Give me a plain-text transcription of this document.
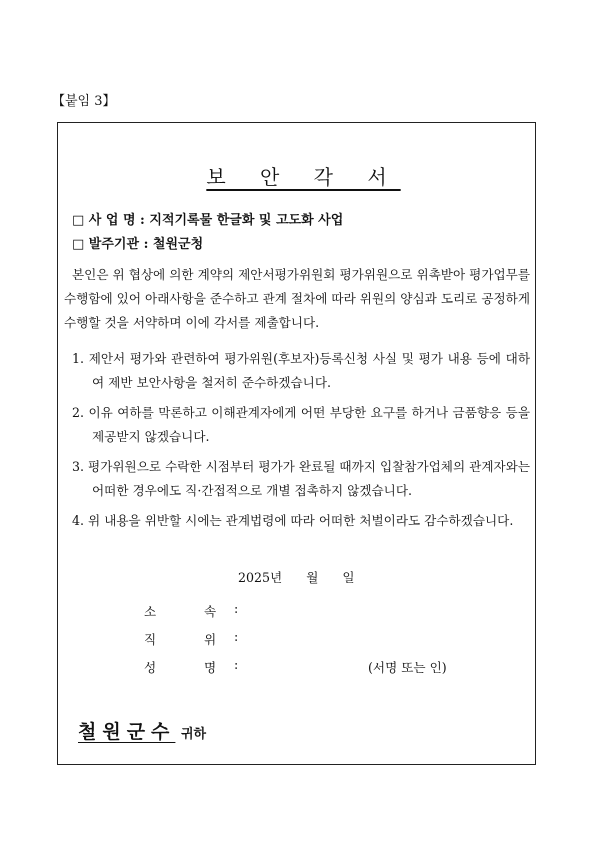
【붙임 3】
보 안 각 서
□ 사 업 명 : 지적기록물 한글화 및 고도화 사업
□ 발주기관 : 철원군청
본인은 위 협상에 의한 계약의 제안서평가위원회 평가위원으로 위촉받아 평가업무를 수행함에 있어 아래사항을 준수하고 관계 절차에 따라 위원의 양심과 도리로 공정하게 수행할 것을 서약하며 이에 각서를 제출합니다.
1. 제안서 평가와 관련하여 평가위원(후보자)등록신청 사실 및 평가 내용 등에 대하여 제반 보안사항을 철저히 준수하겠습니다.
2. 이유 여하를 막론하고 이해관계자에게 어떤 부당한 요구를 하거나 금품향응 등을 제공받지 않겠습니다.
3. 평가위원으로 수락한 시점부터 평가가 완료될 때까지 입찰참가업체의 관계자와는 어떠한 경우에도 직·간접적으로 개별 접촉하지 않겠습니다.
4. 위 내용을 위반할 시에는 관계법령에 따라 어떠한 처벌이라도 감수하겠습니다.
2025년 월 일
소	속	:
직	위	:
성	명	:	(서명 또는 인)
철원군수 귀하
